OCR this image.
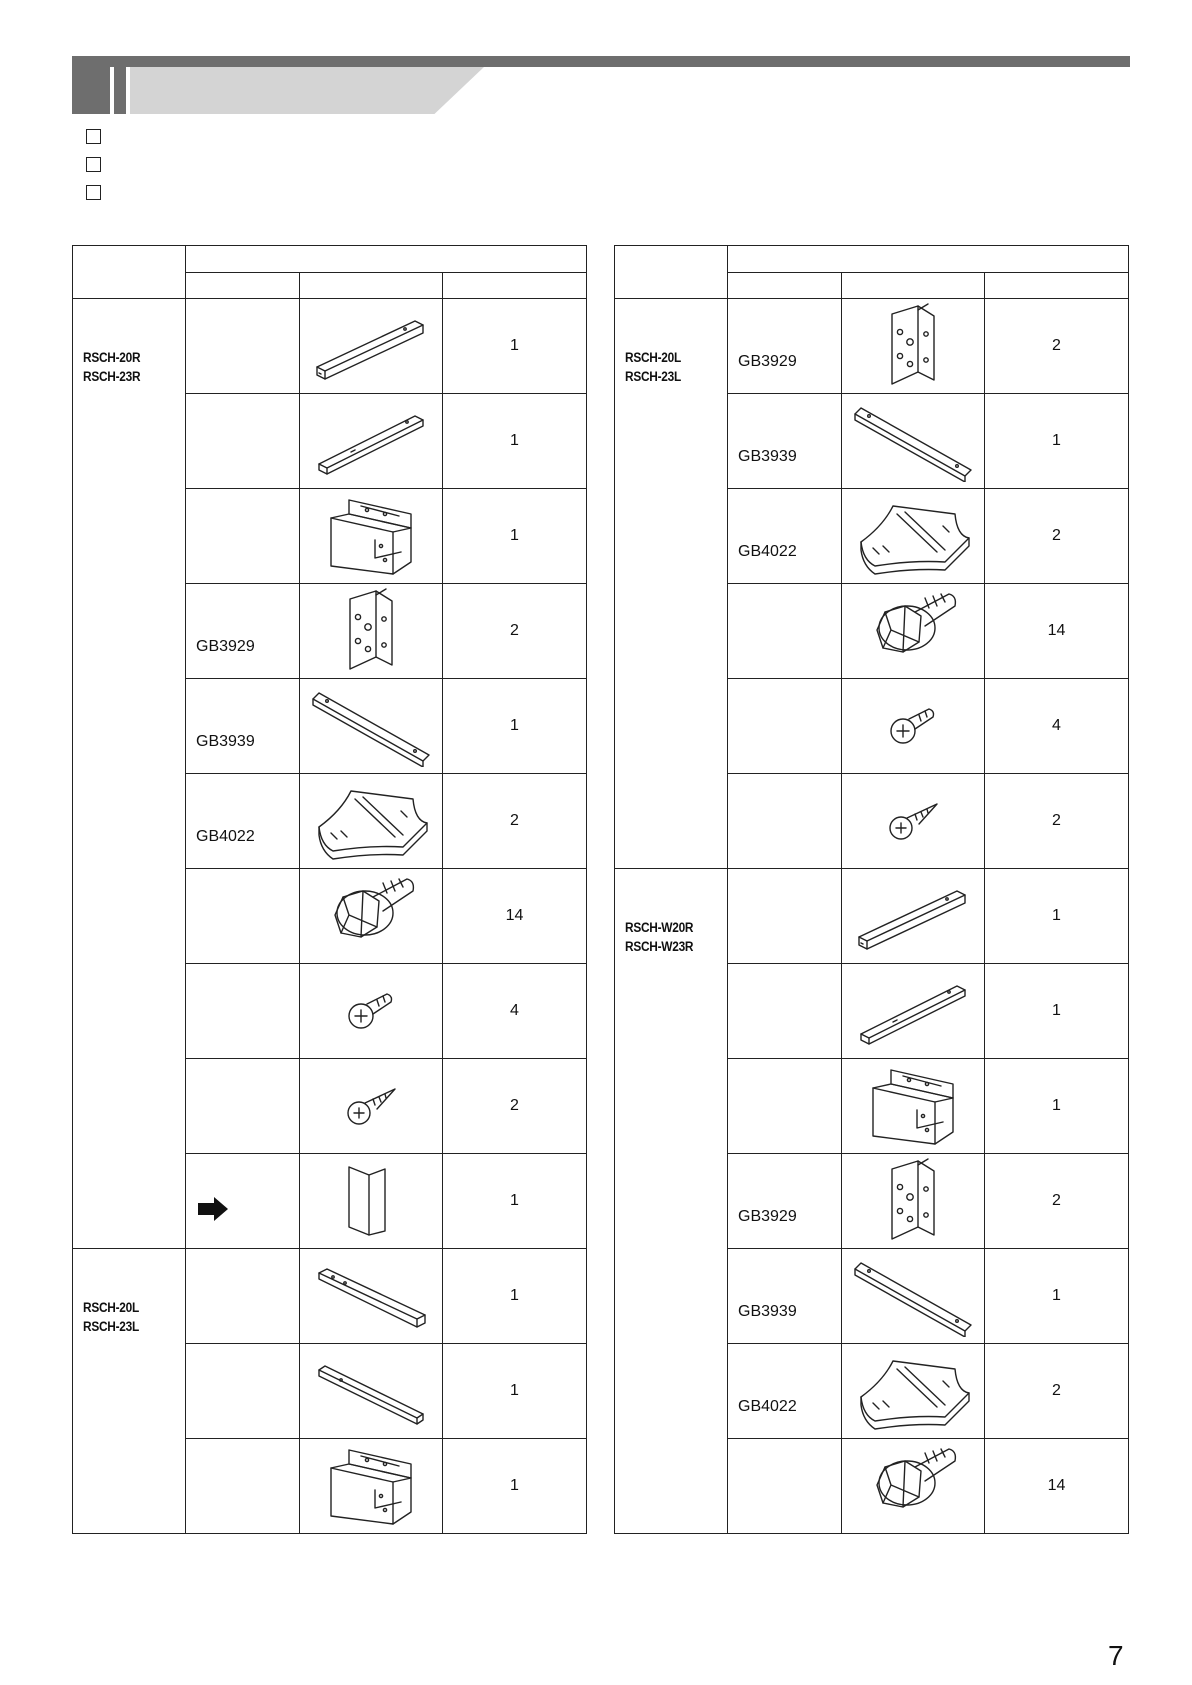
RSCH-20R
RSCH-23R			1

	1

	1

	GB3929		2

	GB3939		1

	GB4022		2

	14

	4

	2

	1

RSCH-20L
RSCH-23L			1

	1

	1

RSCH-20L
RSCH-23L	GB3929		2

	GB3939		1

	GB4022		2

	14

	4

	2

RSCH-W20R
RSCH-W23R			1

	1

	1

	GB3929		2

	GB3939		1

	GB4022		2

	14
7
